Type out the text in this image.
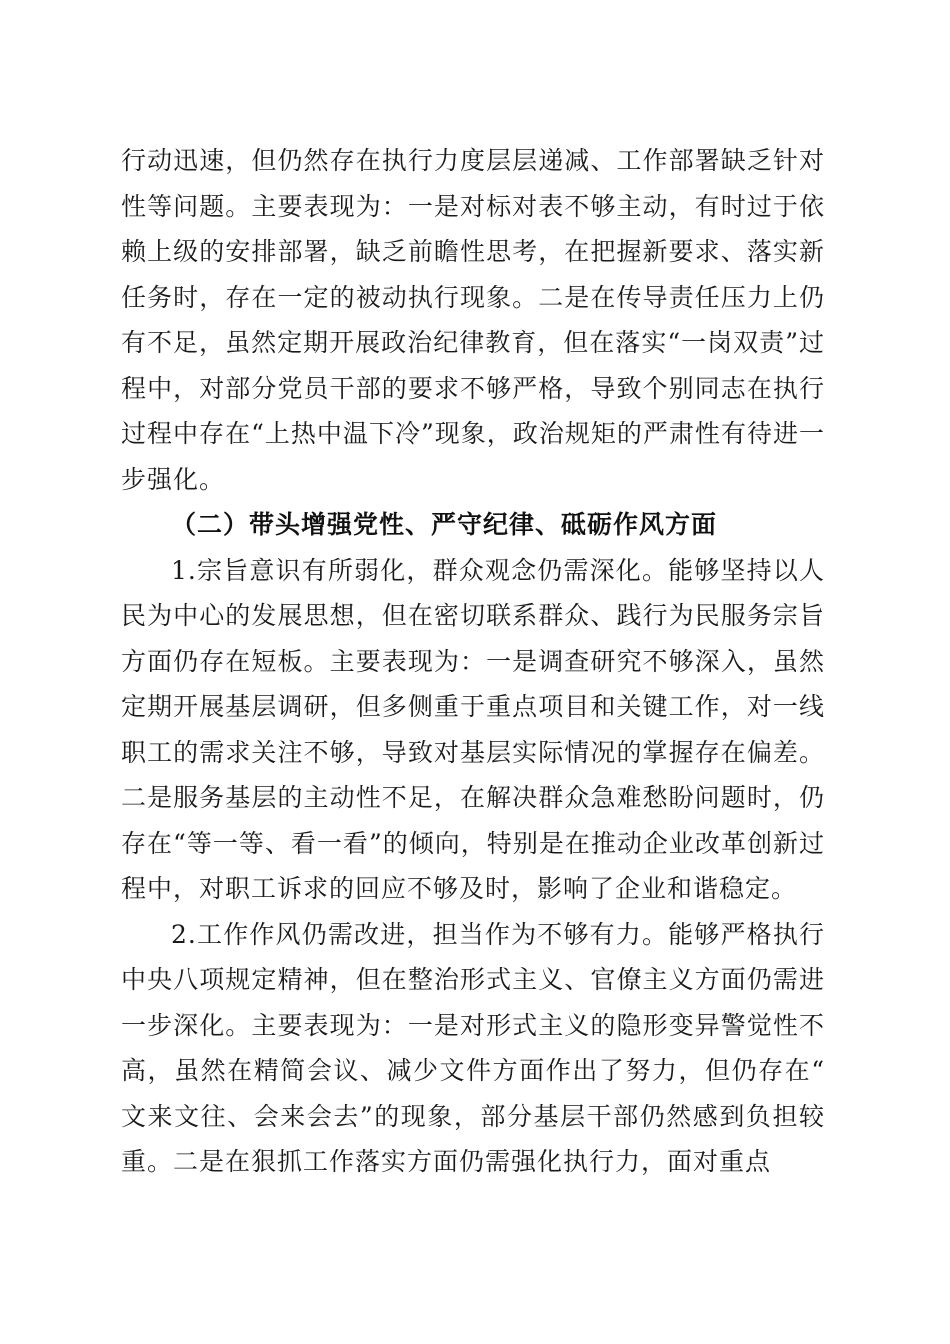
行动迅速，但仍然存在执行力度层层递减、工作部署缺乏针对性等问题。主要表现为：一是对标对表不够主动，有时过于依赖上级的安排部署，缺乏前瞻性思考，在把握新要求、落实新任务时，存在一定的被动执行现象。二是在传导责任压力上仍有不足，虽然定期开展政治纪律教育，但在落实“一岗双责”过程中，对部分党员干部的要求不够严格，导致个别同志在执行过程中存在“上热中温下冷”现象，政治规矩的严肃性有待进一步强化。

（二）带头增强党性、严守纪律、砥砺作风方面

1.宗旨意识有所弱化，群众观念仍需深化。能够坚持以人民为中心的发展思想，但在密切联系群众、践行为民服务宗旨方面仍存在短板。主要表现为：一是调查研究不够深入，虽然定期开展基层调研，但多侧重于重点项目和关键工作，对一线职工的需求关注不够，导致对基层实际情况的掌握存在偏差。二是服务基层的主动性不足，在解决群众急难愁盼问题时，仍存在“等一等、看一看”的倾向，特别是在推动企业改革创新过程中，对职工诉求的回应不够及时，影响了企业和谐稳定。

2.工作作风仍需改进，担当作为不够有力。能够严格执行中央八项规定精神，但在整治形式主义、官僚主义方面仍需进一步深化。主要表现为：一是对形式主义的隐形变异警觉性不高，虽然在精简会议、减少文件方面作出了努力，但仍存在“文来文往、会来会去”的现象，部分基层干部仍然感到负担较重。二是在狠抓工作落实方面仍需强化执行力，面对重点
